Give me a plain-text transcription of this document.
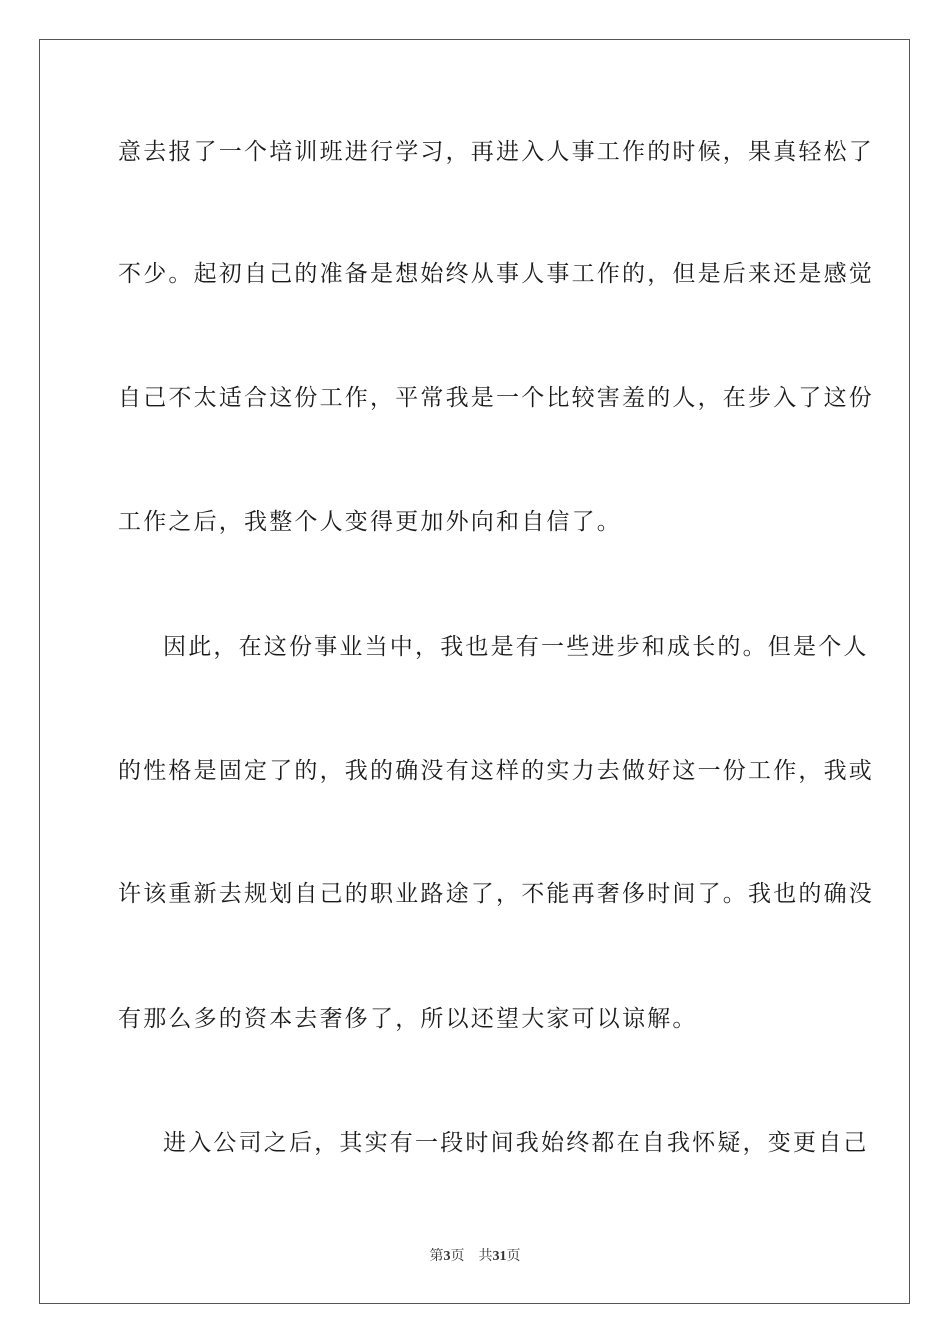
意去报了一个培训班进行学习，再进入人事工作的时候，果真轻松了
不少。起初自己的准备是想始终从事人事工作的，但是后来还是感觉
自己不太适合这份工作，平常我是一个比较害羞的人，在步入了这份
工作之后，我整个人变得更加外向和自信了。
因此，在这份事业当中，我也是有一些进步和成长的。但是个人
的性格是固定了的，我的确没有这样的实力去做好这一份工作，我或
许该重新去规划自己的职业路途了，不能再奢侈时间了。我也的确没
有那么多的资本去奢侈了，所以还望大家可以谅解。
进入公司之后，其实有一段时间我始终都在自我怀疑，变更自己
第3页 共31页
